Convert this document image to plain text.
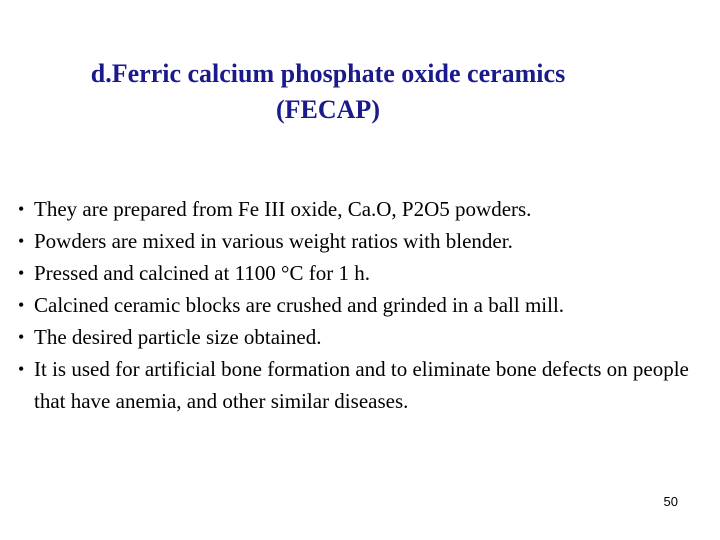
d.Ferric calcium phosphate oxide ceramics
(FECAP)
• They are prepared from Fe III oxide, Ca.O, P2O5 powders.
• Powders are mixed in various weight ratios with blender.
• Pressed and calcined at 1100 °C for 1 h.
• Calcined ceramic blocks are crushed and grinded in a ball mill.
• The desired particle size obtained.
• It is used for artificial bone formation and to eliminate bone defects on people that have anemia, and other similar diseases.
50
